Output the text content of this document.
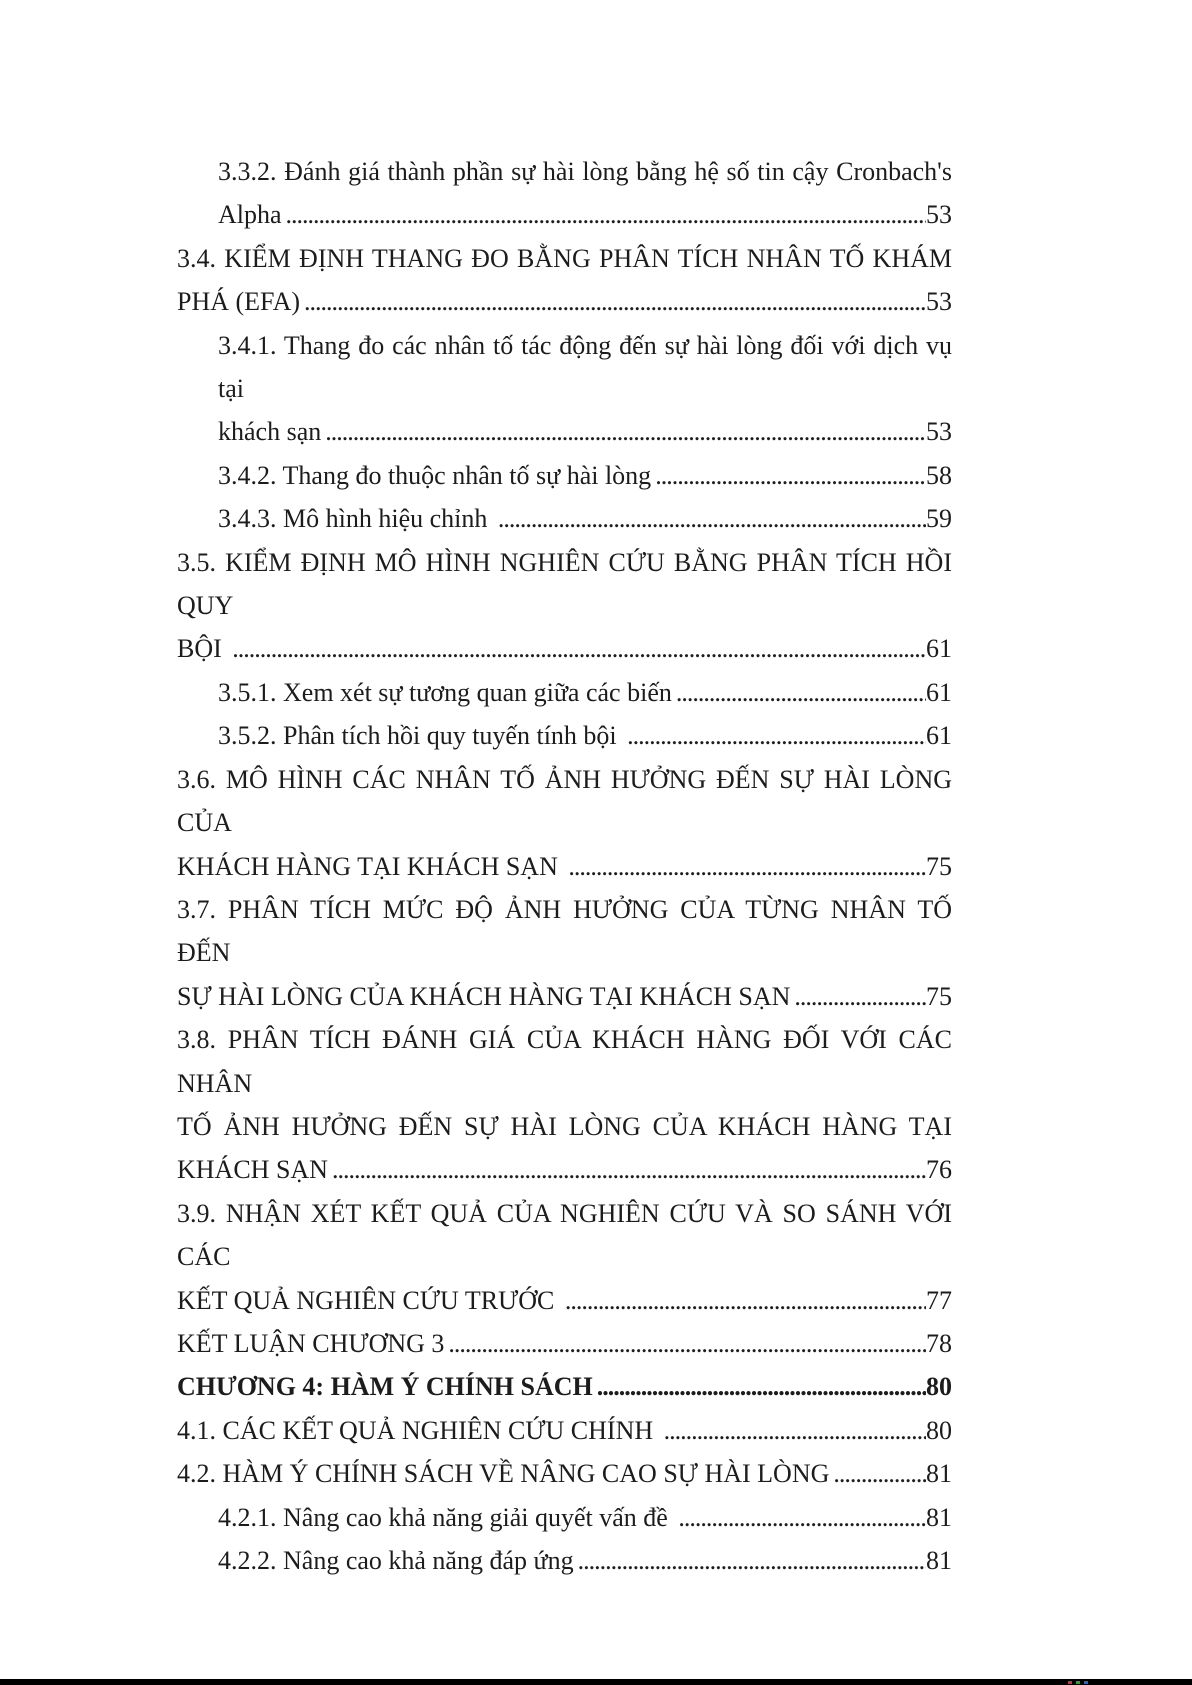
3.3.2. Đánh giá thành phần sự hài lòng bằng hệ số tin cậy Cronbach's
Alpha .....	53
3.4. KIỂM ĐỊNH THANG ĐO BẰNG PHÂN TÍCH NHÂN TỐ KHÁM
PHÁ (EFA) .....	53
3.4.1. Thang đo các nhân tố tác động đến sự hài lòng đối với dịch vụ tại
khách sạn .....	53
3.4.2. Thang đo thuộc nhân tố sự hài lòng .....	58
3.4.3. Mô hình hiệu chỉnh .....	59
3.5. KIỂM ĐỊNH MÔ HÌNH NGHIÊN CỨU BẰNG PHÂN TÍCH HỒI QUY
BỘI .....	61
3.5.1. Xem xét sự tương quan giữa các biến .....	61
3.5.2. Phân tích hồi quy tuyến tính bội .....	61
3.6. MÔ HÌNH CÁC NHÂN TỐ ẢNH HƯỞNG ĐẾN SỰ HÀI LÒNG CỦA
KHÁCH HÀNG TẠI KHÁCH SẠN .....	75
3.7. PHÂN TÍCH MỨC ĐỘ ẢNH HƯỞNG CỦA TỪNG NHÂN TỐ ĐẾN
SỰ HÀI LÒNG CỦA KHÁCH HÀNG TẠI KHÁCH SẠN .....	75
3.8. PHÂN TÍCH ĐÁNH GIÁ CỦA KHÁCH HÀNG ĐỐI VỚI CÁC NHÂN
TỐ ẢNH HƯỞNG ĐẾN SỰ HÀI LÒNG CỦA KHÁCH HÀNG TẠI
KHÁCH SẠN .....	76
3.9. NHẬN XÉT KẾT QUẢ CỦA NGHIÊN CỨU VÀ SO SÁNH VỚI CÁC
KẾT QUẢ NGHIÊN CỨU TRƯỚC .....	77
KẾT LUẬN CHƯƠNG 3 .....	78
CHƯƠNG 4: HÀM Ý CHÍNH SÁCH .....	80
4.1. CÁC KẾT QUẢ NGHIÊN CỨU CHÍNH .....	80
4.2. HÀM Ý CHÍNH SÁCH VỀ NÂNG CAO SỰ HÀI LÒNG .....	81
4.2.1. Nâng cao khả năng giải quyết vấn đề .....	81
4.2.2. Nâng cao khả năng đáp ứng .....	81
